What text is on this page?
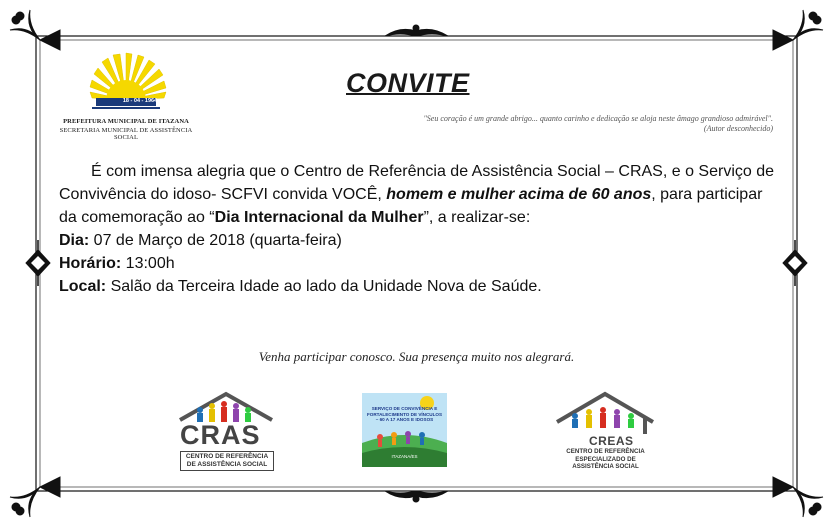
18 - 04 - 1964
PREFEITURA MUNICIPAL DE ITAZANA
SECRETARIA MUNICIPAL DE ASSISTÊNCIA SOCIAL
CONVITE
"Seu coração é um grande abrigo... quanto carinho e dedicação se aloja neste âmago grandioso admirável".
(Autor desconhecido)

É com imensa alegria que o Centro de Referência de Assistência Social – CRAS, e o Serviço de Convivência do idoso- SCFVI convida VOCÊ, homem e mulher acima de 60 anos, para participar da comemoração ao “Dia Internacional da Mulher”, a realizar-se:

Dia: 07 de Março de 2018 (quarta-feira)

Horário: 13:00h

Local: Salão da Terceira Idade ao lado da Unidade Nova de Saúde.

Venha participar conosco. Sua presença muito nos alegrará.
CRAS
CENTRO DE REFERÊNCIA
DE ASSISTÊNCIA SOCIAL
SERVIÇO DE CONVIVÊNCIA E
FORTALECIMENTO DE VÍNCULOS
– 60 A 17 ANOS E IDOSOS
ITAZANA/ES
CREAS
CENTRO DE REFERÊNCIA
ESPECIALIZADO DE
ASSISTÊNCIA SOCIAL
